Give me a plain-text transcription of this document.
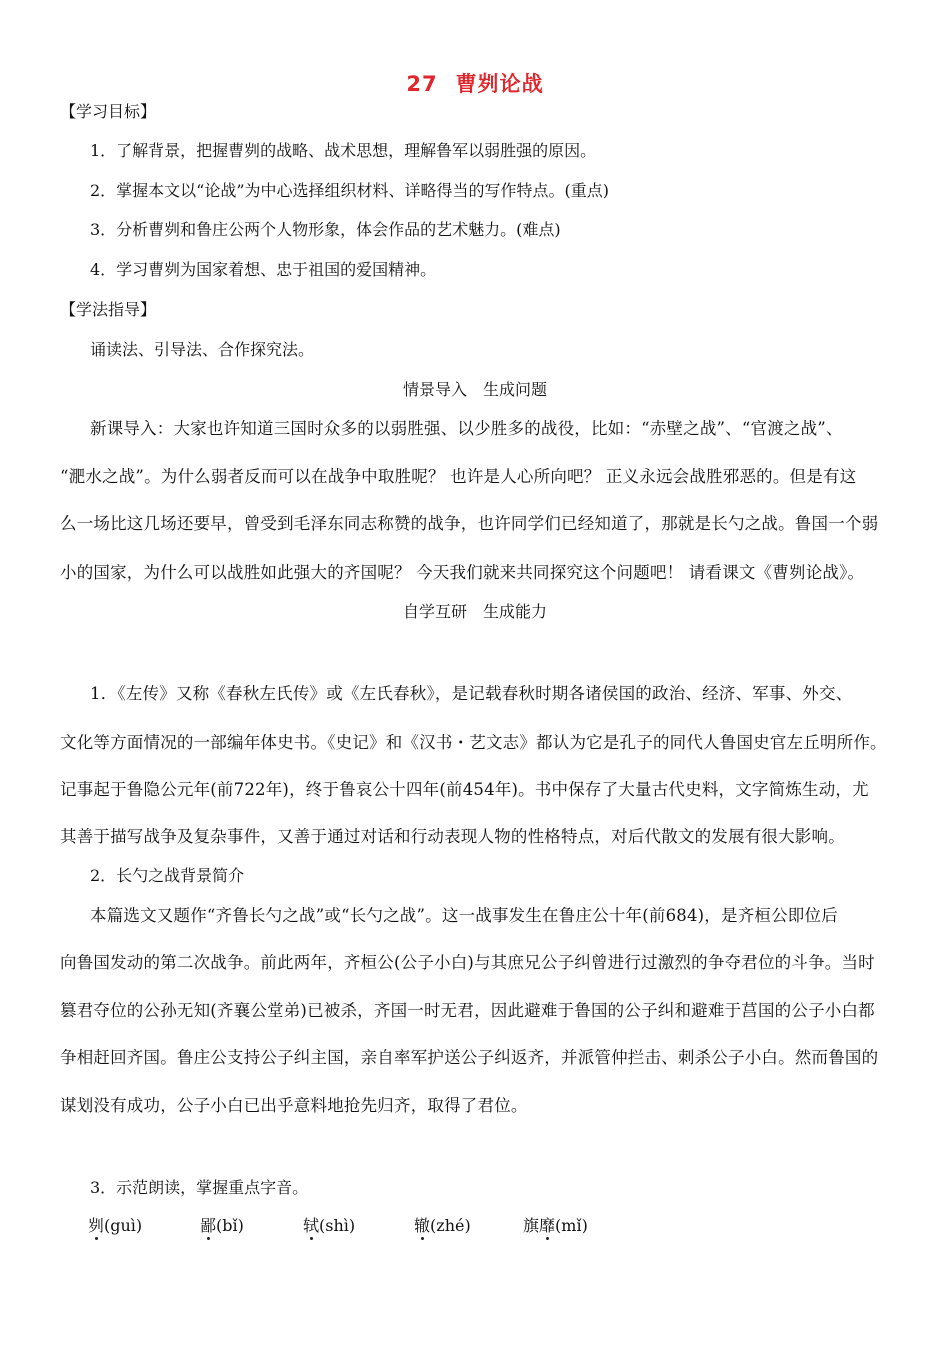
27 曹刿论战
【学习目标】
1．了解背景，把握曹刿的战略、战术思想，理解鲁军以弱胜强的原因。
2．掌握本文以“论战”为中心选择组织材料、详略得当的写作特点。(重点)
3．分析曹刿和鲁庄公两个人物形象，体会作品的艺术魅力。(难点)
4．学习曹刿为国家着想、忠于祖国的爱国精神。
【学法指导】
诵读法、引导法、合作探究法。
情景导入　生成问题
新课导入：大家也许知道三国时众多的以弱胜强、以少胜多的战役，比如：“赤壁之战”、“官渡之战”、
“淝水之战”。为什么弱者反而可以在战争中取胜呢？ 也许是人心所向吧？ 正义永远会战胜邪恶的。但是有这
么一场比这几场还要早，曾受到毛泽东同志称赞的战争，也许同学们已经知道了，那就是长勺之战。鲁国一个弱
小的国家，为什么可以战胜如此强大的齐国呢？ 今天我们就来共同探究这个问题吧！ 请看课文《曹刿论战》。
自学互研　生成能力
1．《左传》又称《春秋左氏传》或《左氏春秋》，是记载春秋时期各诸侯国的政治、经济、军事、外交、
文化等方面情况的一部编年体史书。《史记》和《汉书・艺文志》都认为它是孔子的同代人鲁国史官左丘明所作。
记事起于鲁隐公元年(前722年)，终于鲁哀公十四年(前454年)。书中保存了大量古代史料，文字简炼生动，尤
其善于描写战争及复杂事件，又善于通过对话和行动表现人物的性格特点，对后代散文的发展有很大影响。
2．长勺之战背景简介
本篇选文又题作“齐鲁长勺之战”或“长勺之战”。这一战事发生在鲁庄公十年(前684)，是齐桓公即位后
向鲁国发动的第二次战争。前此两年，齐桓公(公子小白)与其庶兄公子纠曾进行过激烈的争夺君位的斗争。当时
篡君夺位的公孙无知(齐襄公堂弟)已被杀，齐国一时无君，因此避难于鲁国的公子纠和避难于莒国的公子小白都
争相赶回齐国。鲁庄公支持公子纠主国，亲自率军护送公子纠返齐，并派管仲拦击、刺杀公子小白。然而鲁国的
谋划没有成功，公子小白已出乎意料地抢先归齐，取得了君位。
3．示范朗读，掌握重点字音。
刿(guì)	鄙(bǐ)	轼(shì)	辙(zhé)	旗靡(mǐ)
